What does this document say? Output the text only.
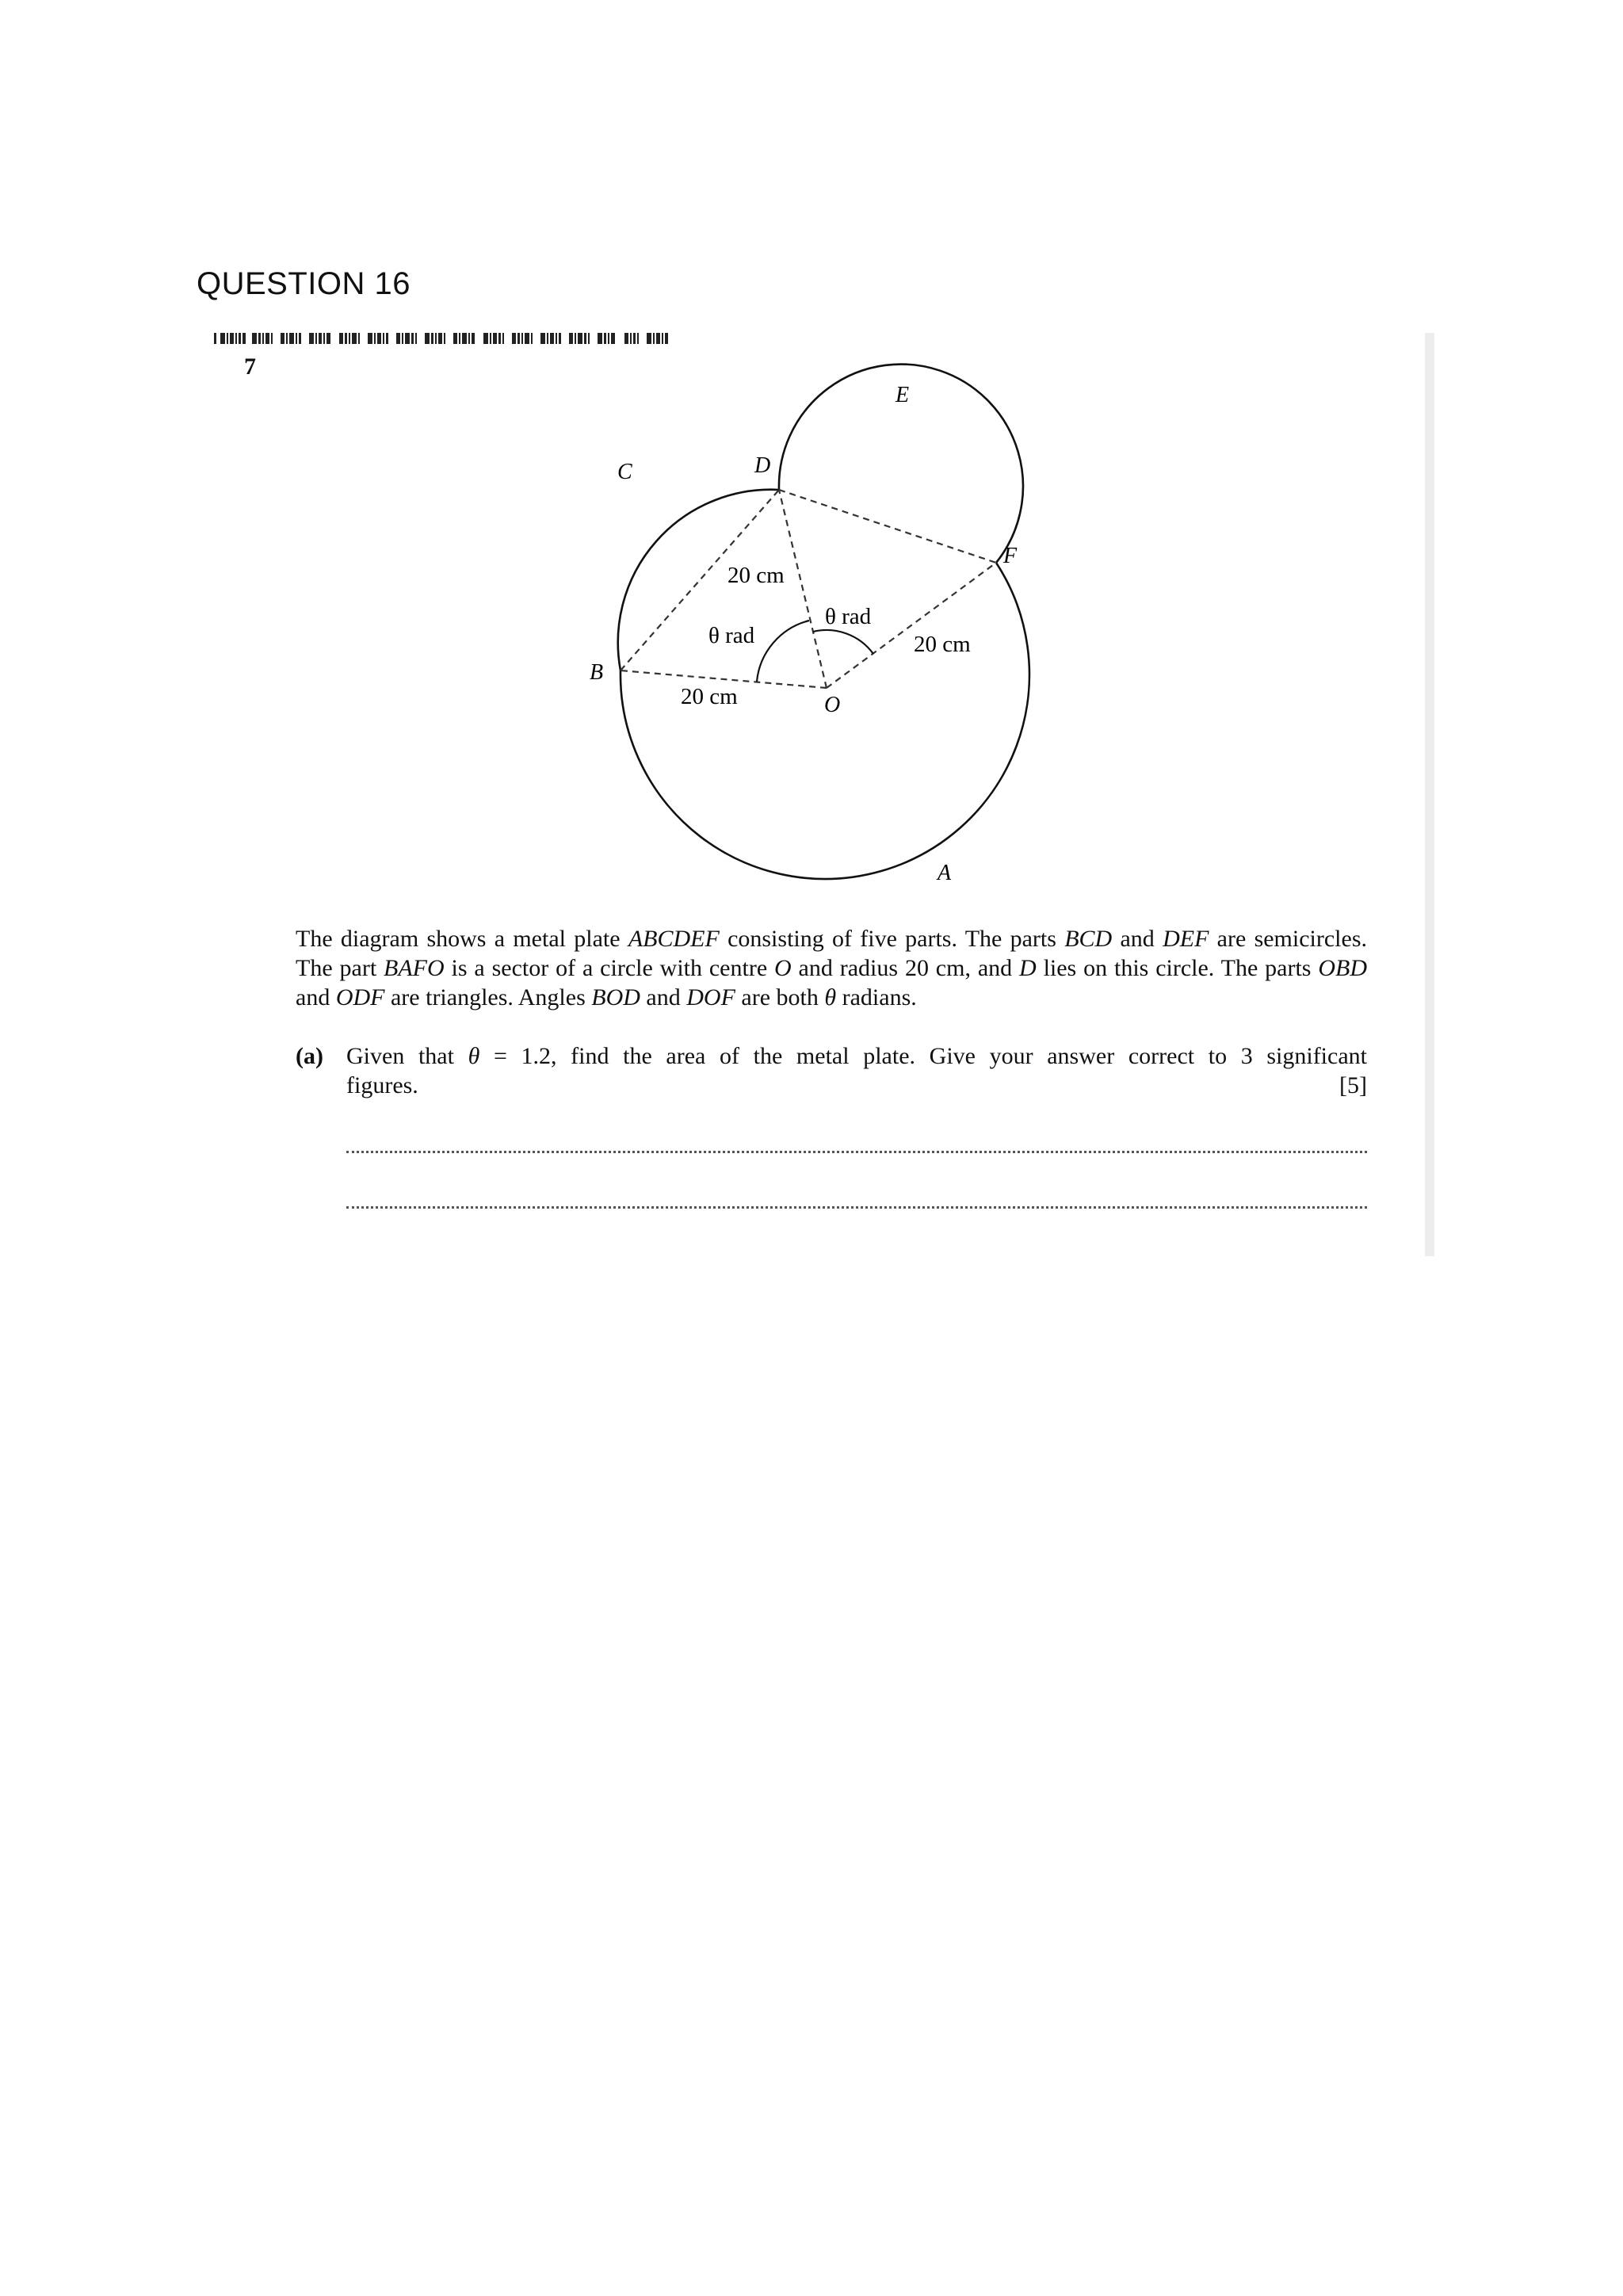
QUESTION 16
7
E
C	D
F
B
O
A
20 cm
θ rad
θ rad	20 cm
20 cm
The diagram shows a metal plate ABCDEF consisting of five parts. The parts BCD and DEF are semicircles. The part BAFO is a sector of a circle with centre O and radius 20 cm, and D lies on this circle. The parts OBD and ODF are triangles. Angles BOD and DOF are both θ radians.
(a) Given that θ = 1.2, find the area of the metal plate. Give your answer correct to 3 significant
figures.	[5]
